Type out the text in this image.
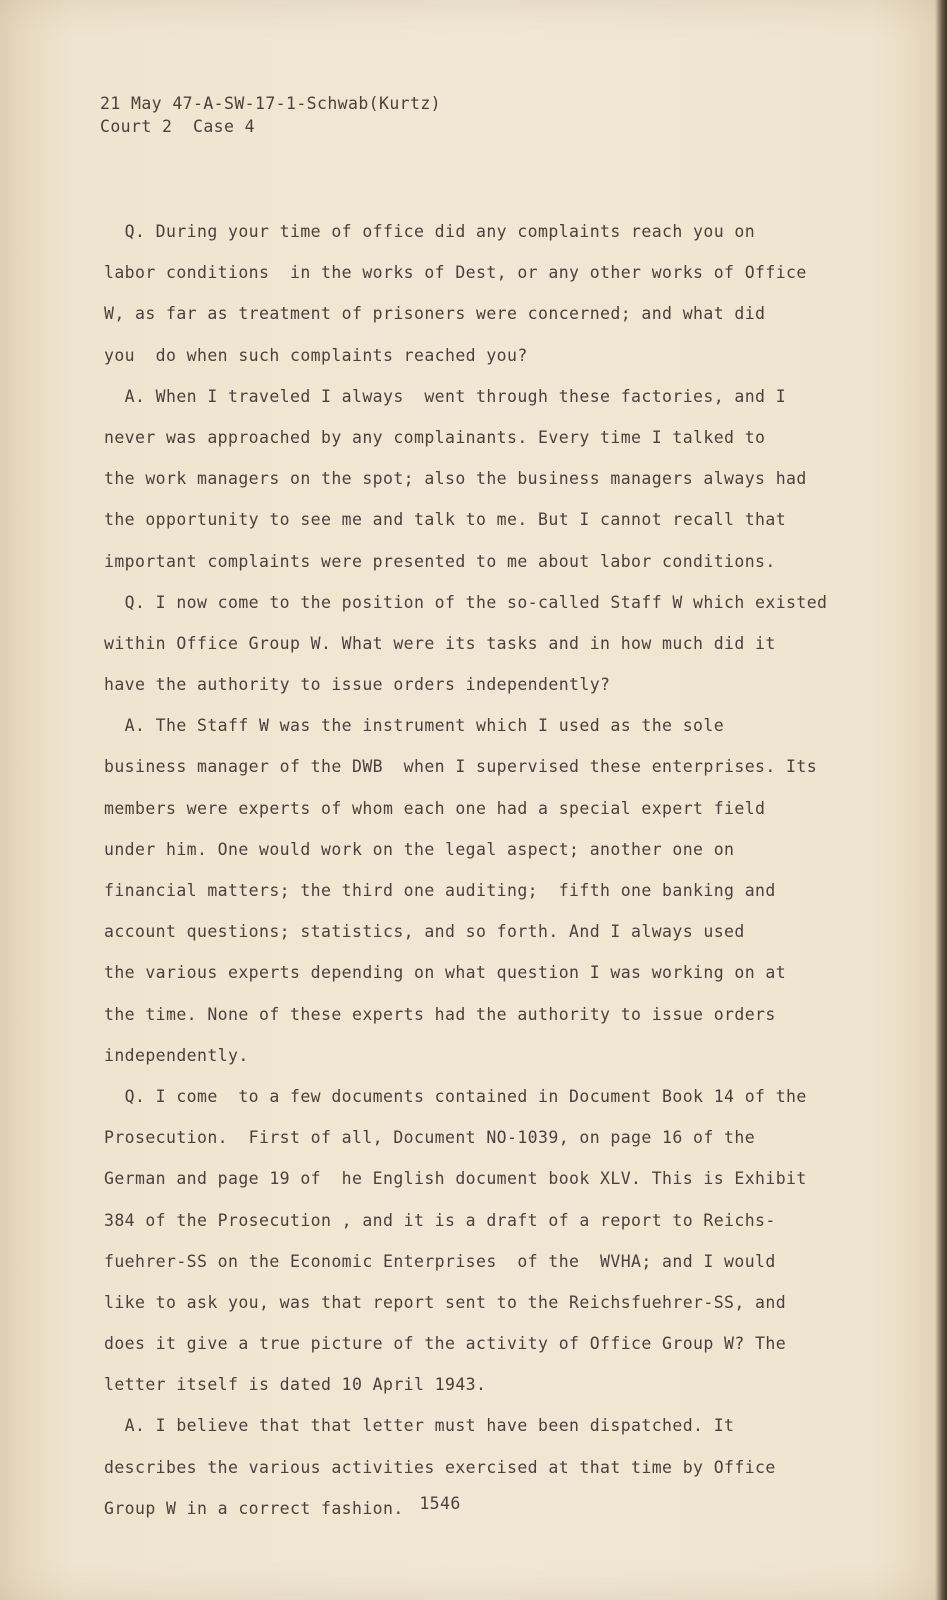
21 May 47-A-SW-17-1-Schwab(Kurtz)
Court 2  Case 4
Q. During your time of office did any complaints reach you on
labor conditions  in the works of Dest, or any other works of Office
W, as far as treatment of prisoners were concerned; and what did
you  do when such complaints reached you?
A. When I traveled I always  went through these factories, and I
never was approached by any complainants. Every time I talked to
the work managers on the spot; also the business managers always had
the opportunity to see me and talk to me. But I cannot recall that
important complaints were presented to me about labor conditions.
Q. I now come to the position of the so-called Staff W which existed
within Office Group W. What were its tasks and in how much did it
have the authority to issue orders independently?
A. The Staff W was the instrument which I used as the sole
business manager of the DWB  when I supervised these enterprises. Its
members were experts of whom each one had a special expert field
under him. One would work on the legal aspect; another one on
financial matters; the third one auditing;  fifth one banking and
account questions; statistics, and so forth. And I always used
the various experts depending on what question I was working on at
the time. None of these experts had the authority to issue orders
independently.
Q. I come  to a few documents contained in Document Book 14 of the
Prosecution.  First of all, Document NO-1039, on page 16 of the
German and page 19 of  he English document book XLV. This is Exhibit
384 of the Prosecution , and it is a draft of a report to Reichs-
fuehrer-SS on the Economic Enterprises  of the  WVHA; and I would
like to ask you, was that report sent to the Reichsfuehrer-SS, and
does it give a true picture of the activity of Office Group W? The
letter itself is dated 10 April 1943.
A. I believe that that letter must have been dispatched. It
describes the various activities exercised at that time by Office
Group W in a correct fashion. 1546
